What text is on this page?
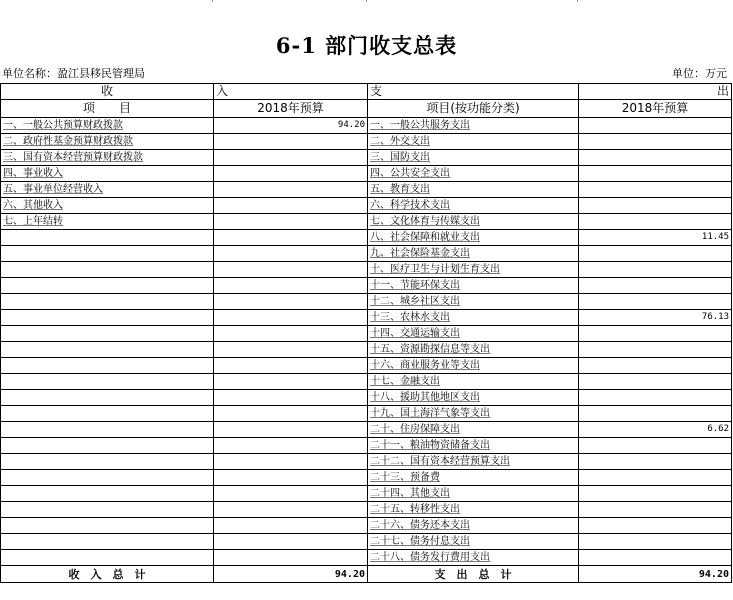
6-1 部门收支总表
单位名称：盈江县移民管理局	单位：万元
收	入	支	出
项　　目	2018年预算	项目(按功能分类)	2018年预算
一、一般公共预算财政拨款	94.20	一、一般公共服务支出	
二、政府性基金预算财政拨款		二、外交支出	
三、国有资本经营预算财政拨款		三、国防支出	
四、事业收入		四、公共安全支出	
五、事业单位经营收入		五、教育支出	
六、其他收入		六、科学技术支出	
七、上年结转		七、文化体育与传媒支出	
		八、社会保障和就业支出	11.45
		九、社会保险基金支出	
		十、医疗卫生与计划生育支出	
		十一、节能环保支出	
		十二、城乡社区支出	
		十三、农林水支出	76.13
		十四、交通运输支出	
		十五、资源勘探信息等支出	
		十六、商业服务业等支出	
		十七、金融支出	
		十八、援助其他地区支出	
		十九、国土海洋气象等支出	
		二十、住房保障支出	6.62
		二十一、粮油物资储备支出	
		二十二、国有资本经营预算支出	
		二十三、预备费	
		二十四、其他支出	
		二十五、转移性支出	
		二十六、债务还本支出	
		二十七、债务付息支出	
		二十八、债务发行费用支出	
收　入　总　计	94.20	支　出　总　计	94.20
